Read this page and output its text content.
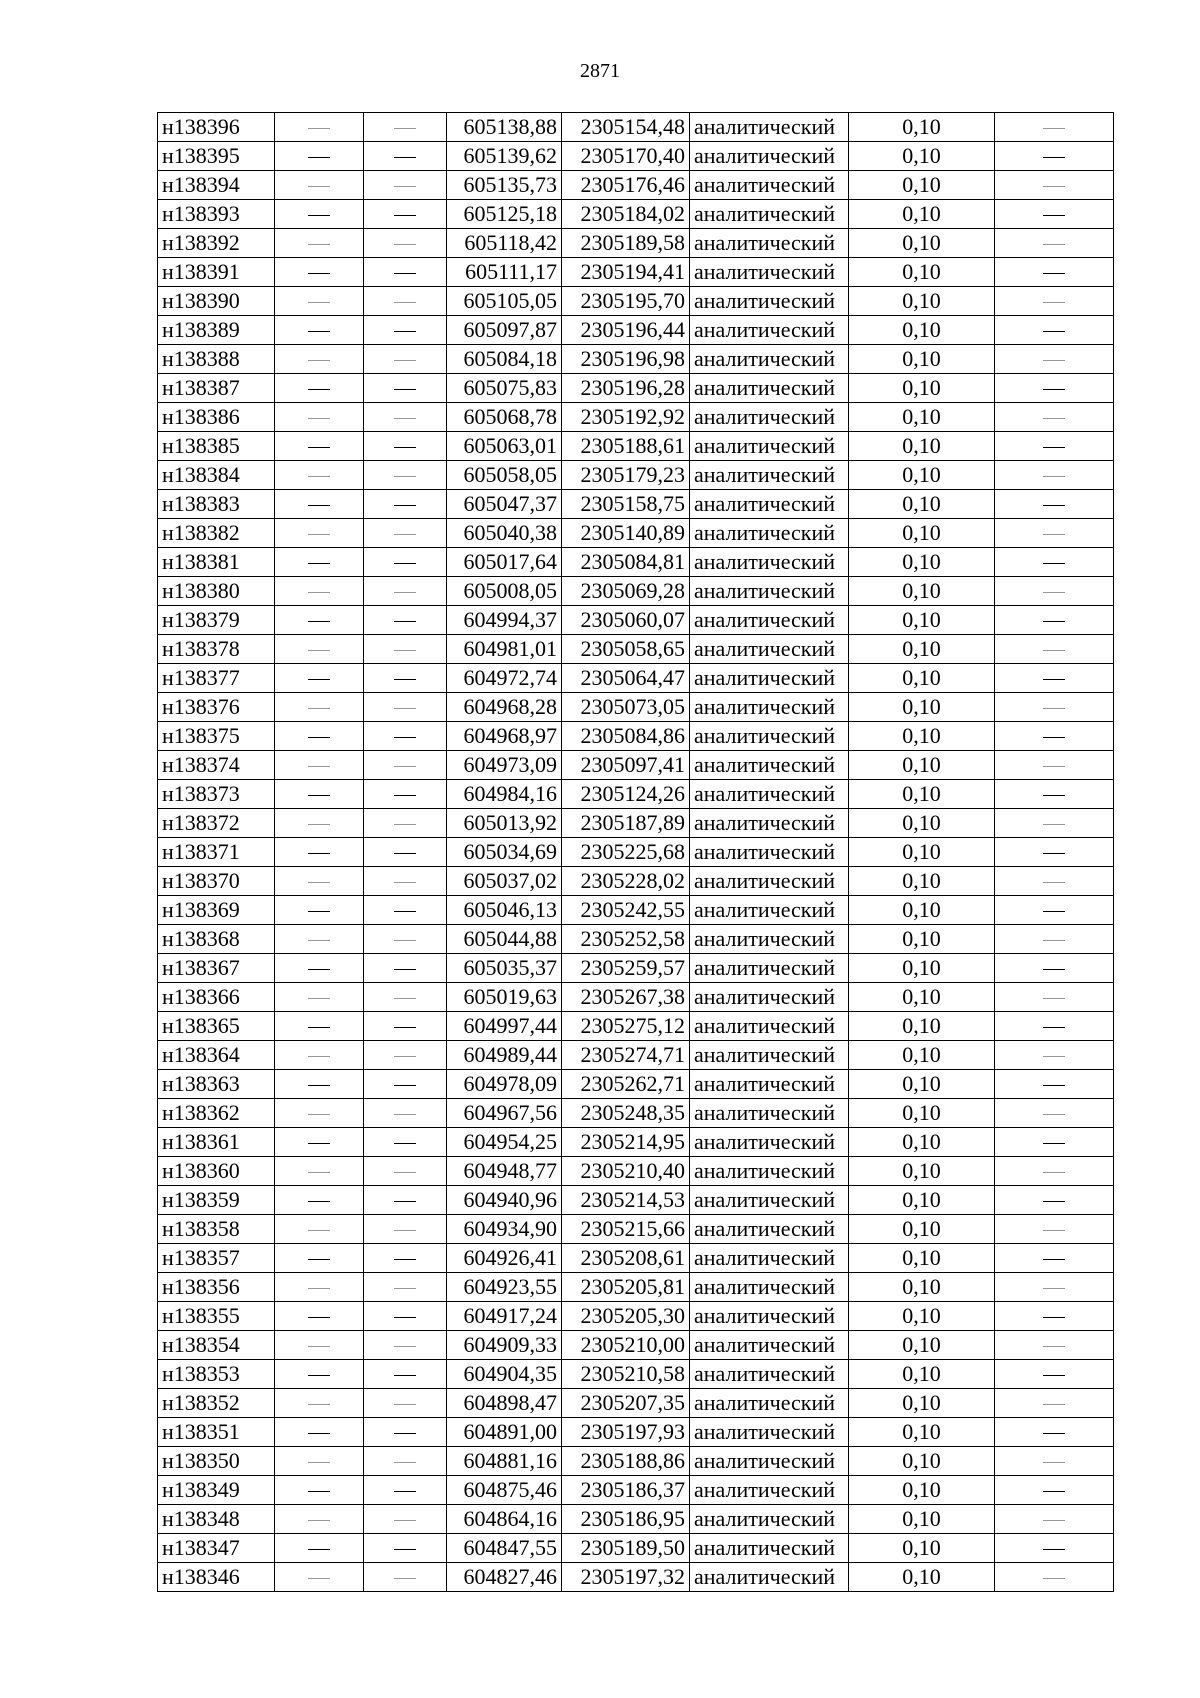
2871
н138396			605138,88	2305154,48	аналитический	0,10	
н138395			605139,62	2305170,40	аналитический	0,10	
н138394			605135,73	2305176,46	аналитический	0,10	
н138393			605125,18	2305184,02	аналитический	0,10	
н138392			605118,42	2305189,58	аналитический	0,10	
н138391			605111,17	2305194,41	аналитический	0,10	
н138390			605105,05	2305195,70	аналитический	0,10	
н138389			605097,87	2305196,44	аналитический	0,10	
н138388			605084,18	2305196,98	аналитический	0,10	
н138387			605075,83	2305196,28	аналитический	0,10	
н138386			605068,78	2305192,92	аналитический	0,10	
н138385			605063,01	2305188,61	аналитический	0,10	
н138384			605058,05	2305179,23	аналитический	0,10	
н138383			605047,37	2305158,75	аналитический	0,10	
н138382			605040,38	2305140,89	аналитический	0,10	
н138381			605017,64	2305084,81	аналитический	0,10	
н138380			605008,05	2305069,28	аналитический	0,10	
н138379			604994,37	2305060,07	аналитический	0,10	
н138378			604981,01	2305058,65	аналитический	0,10	
н138377			604972,74	2305064,47	аналитический	0,10	
н138376			604968,28	2305073,05	аналитический	0,10	
н138375			604968,97	2305084,86	аналитический	0,10	
н138374			604973,09	2305097,41	аналитический	0,10	
н138373			604984,16	2305124,26	аналитический	0,10	
н138372			605013,92	2305187,89	аналитический	0,10	
н138371			605034,69	2305225,68	аналитический	0,10	
н138370			605037,02	2305228,02	аналитический	0,10	
н138369			605046,13	2305242,55	аналитический	0,10	
н138368			605044,88	2305252,58	аналитический	0,10	
н138367			605035,37	2305259,57	аналитический	0,10	
н138366			605019,63	2305267,38	аналитический	0,10	
н138365			604997,44	2305275,12	аналитический	0,10	
н138364			604989,44	2305274,71	аналитический	0,10	
н138363			604978,09	2305262,71	аналитический	0,10	
н138362			604967,56	2305248,35	аналитический	0,10	
н138361			604954,25	2305214,95	аналитический	0,10	
н138360			604948,77	2305210,40	аналитический	0,10	
н138359			604940,96	2305214,53	аналитический	0,10	
н138358			604934,90	2305215,66	аналитический	0,10	
н138357			604926,41	2305208,61	аналитический	0,10	
н138356			604923,55	2305205,81	аналитический	0,10	
н138355			604917,24	2305205,30	аналитический	0,10	
н138354			604909,33	2305210,00	аналитический	0,10	
н138353			604904,35	2305210,58	аналитический	0,10	
н138352			604898,47	2305207,35	аналитический	0,10	
н138351			604891,00	2305197,93	аналитический	0,10	
н138350			604881,16	2305188,86	аналитический	0,10	
н138349			604875,46	2305186,37	аналитический	0,10	
н138348			604864,16	2305186,95	аналитический	0,10	
н138347			604847,55	2305189,50	аналитический	0,10	
н138346			604827,46	2305197,32	аналитический	0,10	
